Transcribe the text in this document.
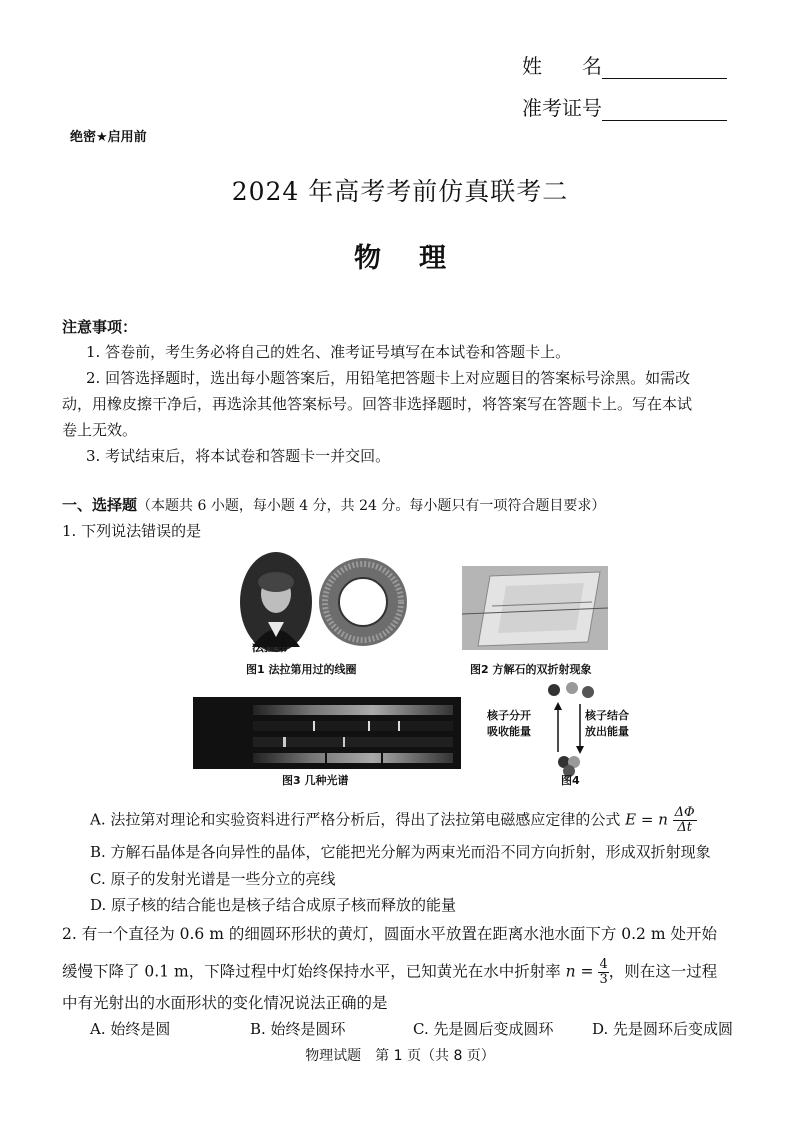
姓　　名
准考证号
绝密★启用前
2024 年高考考前仿真联考二
物理
注意事项：
1. 答卷前，考生务必将自己的姓名、准考证号填写在本试卷和答题卡上。
2. 回答选择题时，选出每小题答案后，用铅笔把答题卡上对应题目的答案标号涂黑。如需改
动，用橡皮擦干净后，再选涂其他答案标号。回答非选择题时，将答案写在答题卡上。写在本试
卷上无效。
3. 考试结束后，将本试卷和答题卡一并交回。
一、选择题（本题共 6 小题，每小题 4 分，共 24 分。每小题只有一项符合题目要求）
1. 下列说法错误的是
法拉第
图1 法拉第用过的线圈	图2 方解石的双折射现象
图3 几种光谱
核子分开
吸收能量
核子结合
放出能量
图4
A. 法拉第对理论和实验资料进行严格分析后，得出了法拉第电磁感应定律的公式 E = n $\frac{\Delta\Phi}{\Delta t}$
B. 方解石晶体是各向异性的晶体，它能把光分解为两束光而沿不同方向折射，形成双折射现象
C. 原子的发射光谱是一些分立的亮线
D. 原子核的结合能也是核子结合成原子核而释放的能量
2. 有一个直径为 0.6 m 的细圆环形状的黄灯，圆面水平放置在距离水池水面下方 0.2 m 处开始
缓慢下降了 0.1 m，下降过程中灯始终保持水平，已知黄光在水中折射率 $n = \frac{4}{3}$ ，则在这一过程
中有光射出的水面形状的变化情况说法正确的是
A. 始终是圆	B. 始终是圆环	C. 先是圆后变成圆环	D. 先是圆环后变成圆
物理试题　第 1 页（共 8 页）
